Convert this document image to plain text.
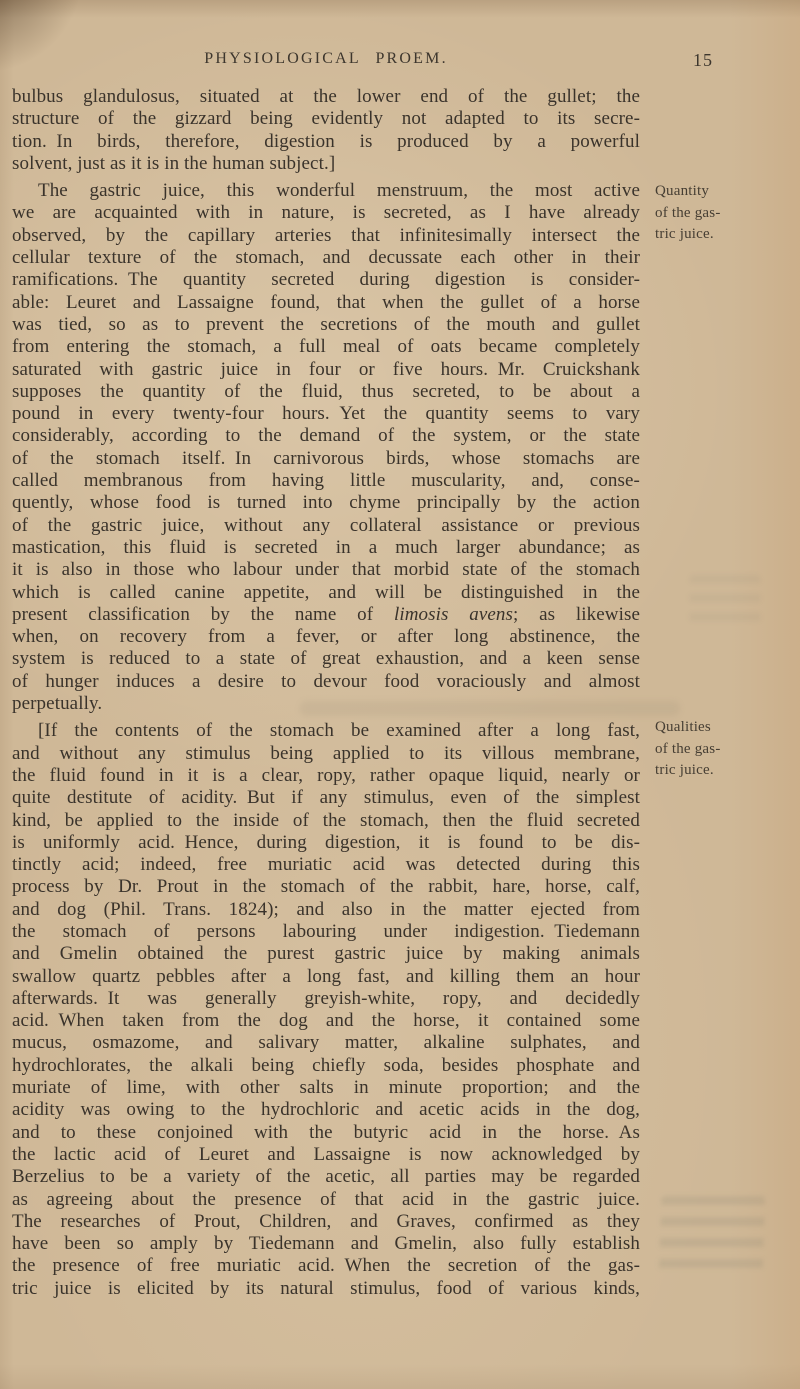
PHYSIOLOGICAL PROEM.	15
bulbus glandulosus, situated at the lower end of the gullet; the
structure of the gizzard being evidently not adapted to its secre-
tion. In birds, therefore, digestion is produced by a powerful
solvent, just as it is in the human subject.]
The gastric juice, this wonderful menstruum, the most active
we are acquainted with in nature, is secreted, as I have already
observed, by the capillary arteries that infinitesimally intersect the
cellular texture of the stomach, and decussate each other in their
ramifications. The quantity secreted during digestion is consider-
able: Leuret and Lassaigne found, that when the gullet of a horse
was tied, so as to prevent the secretions of the mouth and gullet
from entering the stomach, a full meal of oats became completely
saturated with gastric juice in four or five hours. Mr. Cruickshank
supposes the quantity of the fluid, thus secreted, to be about a
pound in every twenty-four hours. Yet the quantity seems to vary
considerably, according to the demand of the system, or the state
of the stomach itself. In carnivorous birds, whose stomachs are
called membranous from having little muscularity, and, conse-
quently, whose food is turned into chyme principally by the action
of the gastric juice, without any collateral assistance or previous
mastication, this fluid is secreted in a much larger abundance; as
it is also in those who labour under that morbid state of the stomach
which is called canine appetite, and will be distinguished in the
present classification by the name of limosis avens; as likewise
when, on recovery from a fever, or after long abstinence, the
system is reduced to a state of great exhaustion, and a keen sense
of hunger induces a desire to devour food voraciously and almost
perpetually.
[If the contents of the stomach be examined after a long fast,
and without any stimulus being applied to its villous membrane,
the fluid found in it is a clear, ropy, rather opaque liquid, nearly or
quite destitute of acidity. But if any stimulus, even of the simplest
kind, be applied to the inside of the stomach, then the fluid secreted
is uniformly acid. Hence, during digestion, it is found to be dis-
tinctly acid; indeed, free muriatic acid was detected during this
process by Dr. Prout in the stomach of the rabbit, hare, horse, calf,
and dog (Phil. Trans. 1824); and also in the matter ejected from
the stomach of persons labouring under indigestion. Tiedemann
and Gmelin obtained the purest gastric juice by making animals
swallow quartz pebbles after a long fast, and killing them an hour
afterwards. It was generally greyish-white, ropy, and decidedly
acid. When taken from the dog and the horse, it contained some
mucus, osmazome, and salivary matter, alkaline sulphates, and
hydrochlorates, the alkali being chiefly soda, besides phosphate and
muriate of lime, with other salts in minute proportion; and the
acidity was owing to the hydrochloric and acetic acids in the dog,
and to these conjoined with the butyric acid in the horse. As
the lactic acid of Leuret and Lassaigne is now acknowledged by
Berzelius to be a variety of the acetic, all parties may be regarded
as agreeing about the presence of that acid in the gastric juice.
The researches of Prout, Children, and Graves, confirmed as they
have been so amply by Tiedemann and Gmelin, also fully establish
the presence of free muriatic acid. When the secretion of the gas-
tric juice is elicited by its natural stimulus, food of various kinds,
Quantity
of the gas-
tric juice.
Qualities
of the gas-
tric juice.
